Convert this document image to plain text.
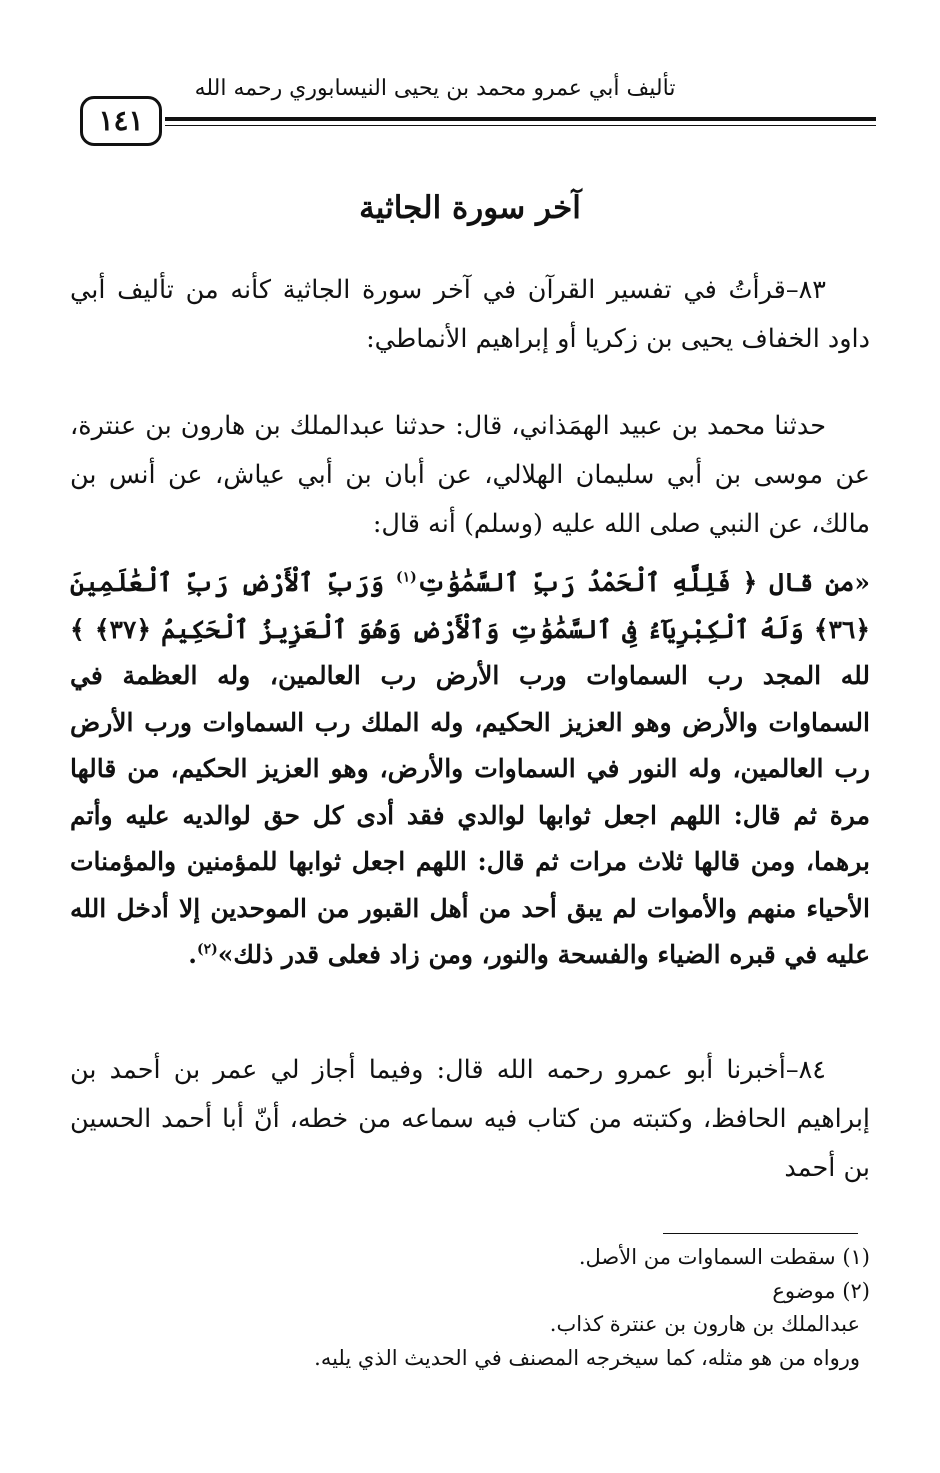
تأليف أبي عمرو محمد بن يحيى النيسابوري رحمه الله
١٤١
آخر سورة الجاثية

٨٣–قرأتُ في تفسير القرآن في آخر سورة الجاثية كأنه من تأليف أبي داود الخفاف يحيى بن زكريا أو إبراهيم الأنماطي:

حدثنا محمد بن عبيد الهمَذاني، قال: حدثنا عبدالملك بن هارون بن عنترة، عن موسى بن أبي سليمان الهلالي، عن أبان بن أبي عياش، عن أنس بن مالك، عن النبي صلى الله عليه (وسلم) أنه قال:

«من قال ﴿ فَلِلَّهِ ٱلْحَمْدُ رَبِّ ٱلسَّمَٰوَٰتِ$^{(١)}$ وَرَبِّ ٱلْأَرْضِ رَبِّ ٱلْعَٰلَمِينَ ﴿٣٦﴾ وَلَهُ ٱلْكِبْرِيَآءُ فِى ٱلسَّمَٰوَٰتِ وَٱلْأَرْضِ وَهُوَ ٱلْعَزِيزُ ٱلْحَكِيمُ ﴿٣٧﴾ ﴾ لله المجد رب السماوات ورب الأرض رب العالمين، وله العظمة في السماوات والأرض وهو العزيز الحكيم، وله الملك رب السماوات ورب الأرض رب العالمين، وله النور في السماوات والأرض، وهو العزيز الحكيم، من قالها مرة ثم قال: اللهم اجعل ثوابها لوالدي فقد أدى كل حق لوالديه عليه وأتم برهما، ومن قالها ثلاث مرات ثم قال: اللهم اجعل ثوابها للمؤمنين والمؤمنات الأحياء منهم والأموات لم يبق أحد من أهل القبور من الموحدين إلا أدخل الله عليه في قبره الضياء والفسحة والنور، ومن زاد فعلى قدر ذلك»$^{(٢)}$.

٨٤–أخبرنا أبو عمرو رحمه الله قال: وفيما أجاز لي عمر بن أحمد بن إبراهيم الحافظ، وكتبته من كتاب فيه سماعه من خطه، أنّ أبا أحمد الحسين بن أحمد

(١) سقطت السماوات من الأصل.
(٢) موضوع
عبدالملك بن هارون بن عنترة كذاب.
ورواه من هو مثله، كما سيخرجه المصنف في الحديث الذي يليه.
